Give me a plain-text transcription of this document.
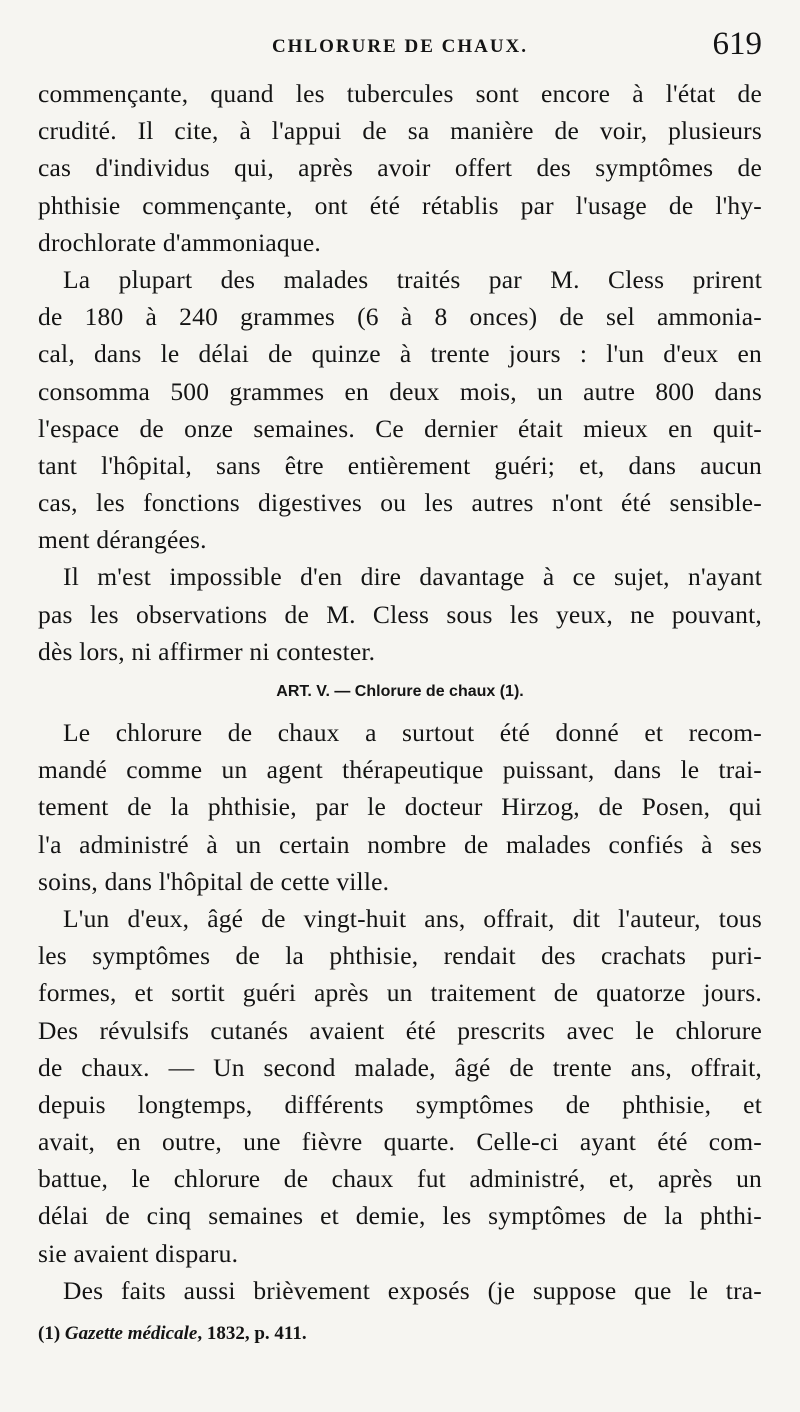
CHLORURE DE CHAUX.	619
commençante, quand les tubercules sont encore à l'état de
crudité. Il cite, à l'appui de sa manière de voir, plusieurs
cas d'individus qui, après avoir offert des symptômes de
phthisie commençante, ont été rétablis par l'usage de l'hy-
drochlorate d'ammoniaque.
La plupart des malades traités par M. Cless prirent
de 180 à 240 grammes (6 à 8 onces) de sel ammonia-
cal, dans le délai de quinze à trente jours : l'un d'eux en
consomma 500 grammes en deux mois, un autre 800 dans
l'espace de onze semaines. Ce dernier était mieux en quit-
tant l'hôpital, sans être entièrement guéri; et, dans aucun
cas, les fonctions digestives ou les autres n'ont été sensible-
ment dérangées.
Il m'est impossible d'en dire davantage à ce sujet, n'ayant
pas les observations de M. Cless sous les yeux, ne pouvant,
dès lors, ni affirmer ni contester.
ART. V. — Chlorure de chaux (1).
Le chlorure de chaux a surtout été donné et recom-
mandé comme un agent thérapeutique puissant, dans le trai-
tement de la phthisie, par le docteur Hirzog, de Posen, qui
l'a administré à un certain nombre de malades confiés à ses
soins, dans l'hôpital de cette ville.
L'un d'eux, âgé de vingt-huit ans, offrait, dit l'auteur, tous
les symptômes de la phthisie, rendait des crachats puri-
formes, et sortit guéri après un traitement de quatorze jours.
Des révulsifs cutanés avaient été prescrits avec le chlorure
de chaux. — Un second malade, âgé de trente ans, offrait,
depuis longtemps, différents symptômes de phthisie, et
avait, en outre, une fièvre quarte. Celle-ci ayant été com-
battue, le chlorure de chaux fut administré, et, après un
délai de cinq semaines et demie, les symptômes de la phthi-
sie avaient disparu.
Des faits aussi brièvement exposés (je suppose que le tra-
(1) Gazette médicale, 1832, p. 411.
